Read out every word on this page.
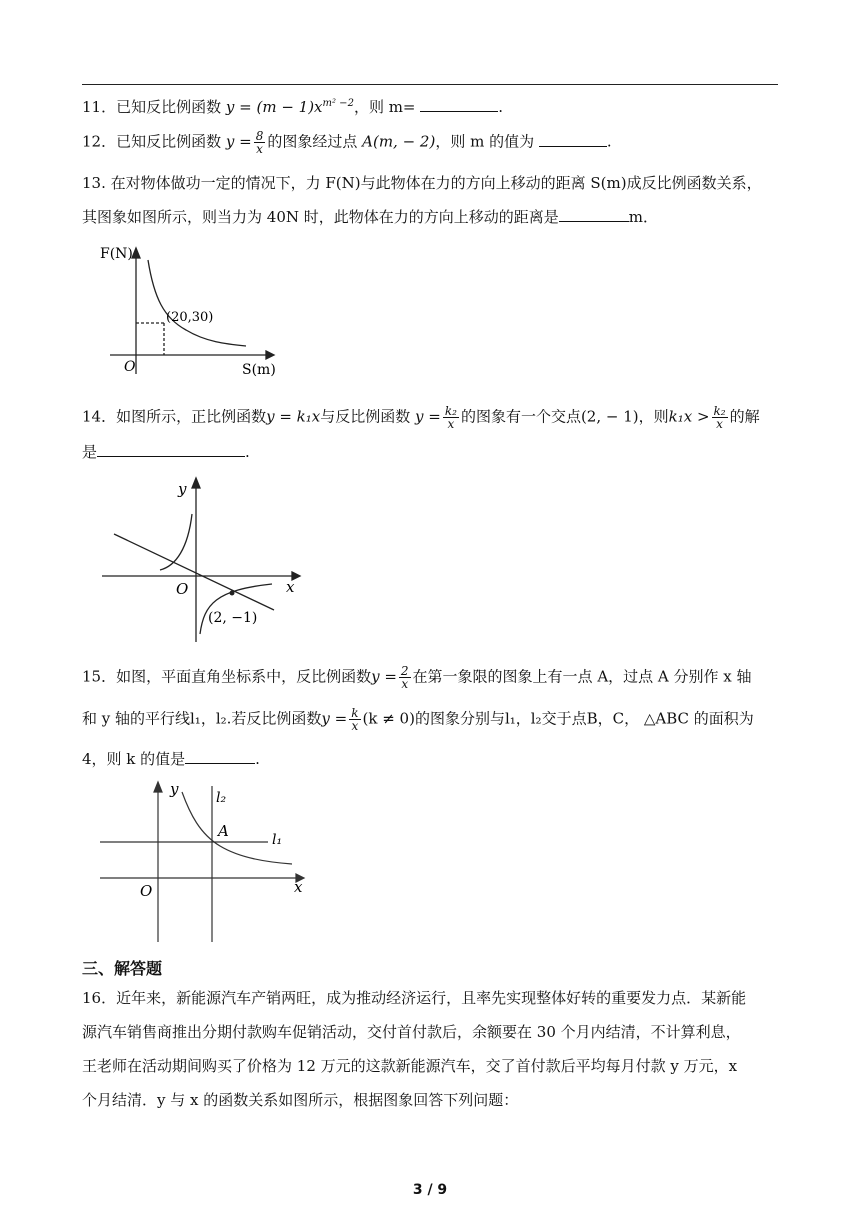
11．已知反比例函数 $y = (m - 1)x^{m^2 -2}$，则 m=	.
12．已知反比例函数 $y = \frac{8}{x}$ 的图象经过点 A(m, − 2)，则 m 的值为	.
13. 在对物体做功一定的情况下，力 F(N)与此物体在力的方向上移动的距离 S(m)成反比例函数关系，
其图象如图所示，则当力为 40N 时，此物体在力的方向上移动的距离是	m．
F(N)
S(m)
O
(20,30)
14．如图所示，正比例函数y = k₁x与反比例函数 $y = \frac{\text{k₂}}{x}$ 的图象有一个交点(2, − 1)，则$k_1x > \frac{\text{k₂}}{x}$ 的解
是	.
y
x
O
(2, −1)
15．如图，平面直角坐标系中，反比例函数$y = \frac{2}{x}$ 在第一象限的图象上有一点 A，过点 A 分别作 x 轴
和 y 轴的平行线l₁，l₂.若反比例函数$y = \frac{k}{x} (k \ne 0)$的图象分别与l₁，l₂交于点B，C， △ABC 的面积为
4，则 k 的值是	.
y
x
O
A	l₁
l₂
三、解答题
16．近年来，新能源汽车产销两旺，成为推动经济运行，且率先实现整体好转的重要发力点．某新能
源汽车销售商推出分期付款购车促销活动，交付首付款后，余额要在 30 个月内结清，不计算利息，
王老师在活动期间购买了价格为 12 万元的这款新能源汽车，交了首付款后平均每月付款 y 万元，x
个月结清．y 与 x 的函数关系如图所示，根据图象回答下列问题：
3 / 9
